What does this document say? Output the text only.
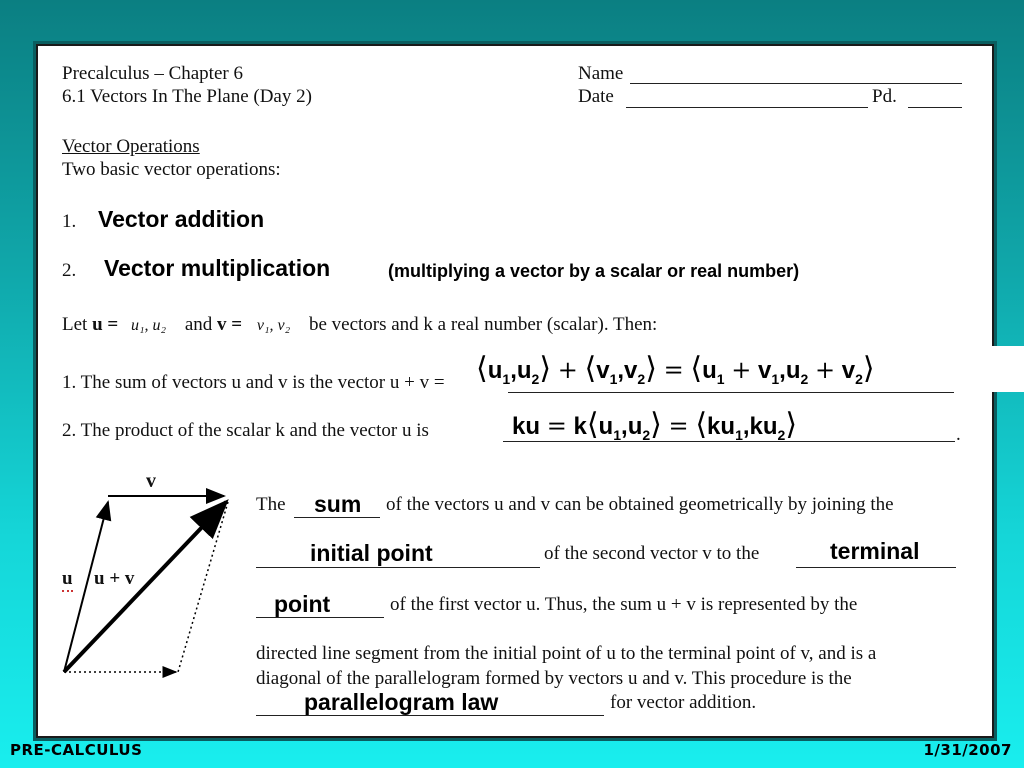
Precalculus – Chapter 6
6.1 Vectors In The Plane (Day 2)
Name
Date	Pd.
Vector Operations
Two basic vector operations:
1. Vector addition
2. Vector multiplication	(multiplying a vector by a scalar or real number)
Let u = u₁, u₂ and v = v₁, v₂ be vectors and k a real number (scalar). Then:
1. The sum of vectors u and v is the vector $u + v = ⟨u_1,u_2⟩$ + $⟨v_1,v_2⟩$ = $⟨u_1 + v_1,u_2$ + $v_2⟩$
2. The product of the scalar k and the vector u is	.
ku = $k⟨u_1,u_2⟩$ = $⟨ku_1,ku_2⟩$
v
u u + v
The sum of the vectors u and v can be obtained geometrically by joining the
initial point	of the second vector v to the	terminal
point	of the first vector u. Thus, the sum u + v is represented by the
directed line segment from the initial point of u to the terminal point of v, and is a
diagonal of the parallelogram formed by vectors u and v. This procedure is the
parallelogram law	for vector addition.
PRE-CALCULUS	1/31/2007
